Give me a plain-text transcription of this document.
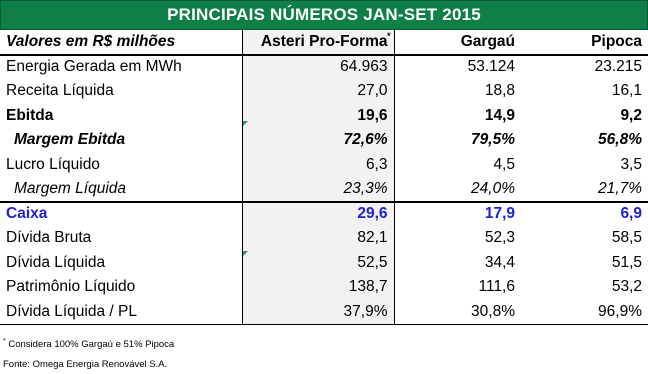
PRINCIPAIS NÚMEROS JAN-SET 2015
Valores em R$ milhões	Asteri Pro-Forma *	Gargaú	Pipoca
Energia Gerada em MWh	64.963	53.124	23.215
Receita Líquida	27,0	18,8	16,1
Ebitda	19,6	14,9	9,2
Margem Ebitda	72,6%	79,5%	56,8%
Lucro Líquido	6,3	4,5	3,5
Margem Líquida	23,3%	24,0%	21,7%
Caixa	29,6	17,9	6,9
Dívida Bruta	82,1	52,3	58,5
Dívida Líquida	52,5	34,4	51,5
Patrimônio Líquido	138,7	111,6	53,2
Dívida Líquida / PL	37,9%	30,8%	96,9%
* Considera 100% Gargaú e 51% Pipoca
Fonte: Omega Energia Renovável S.A.
